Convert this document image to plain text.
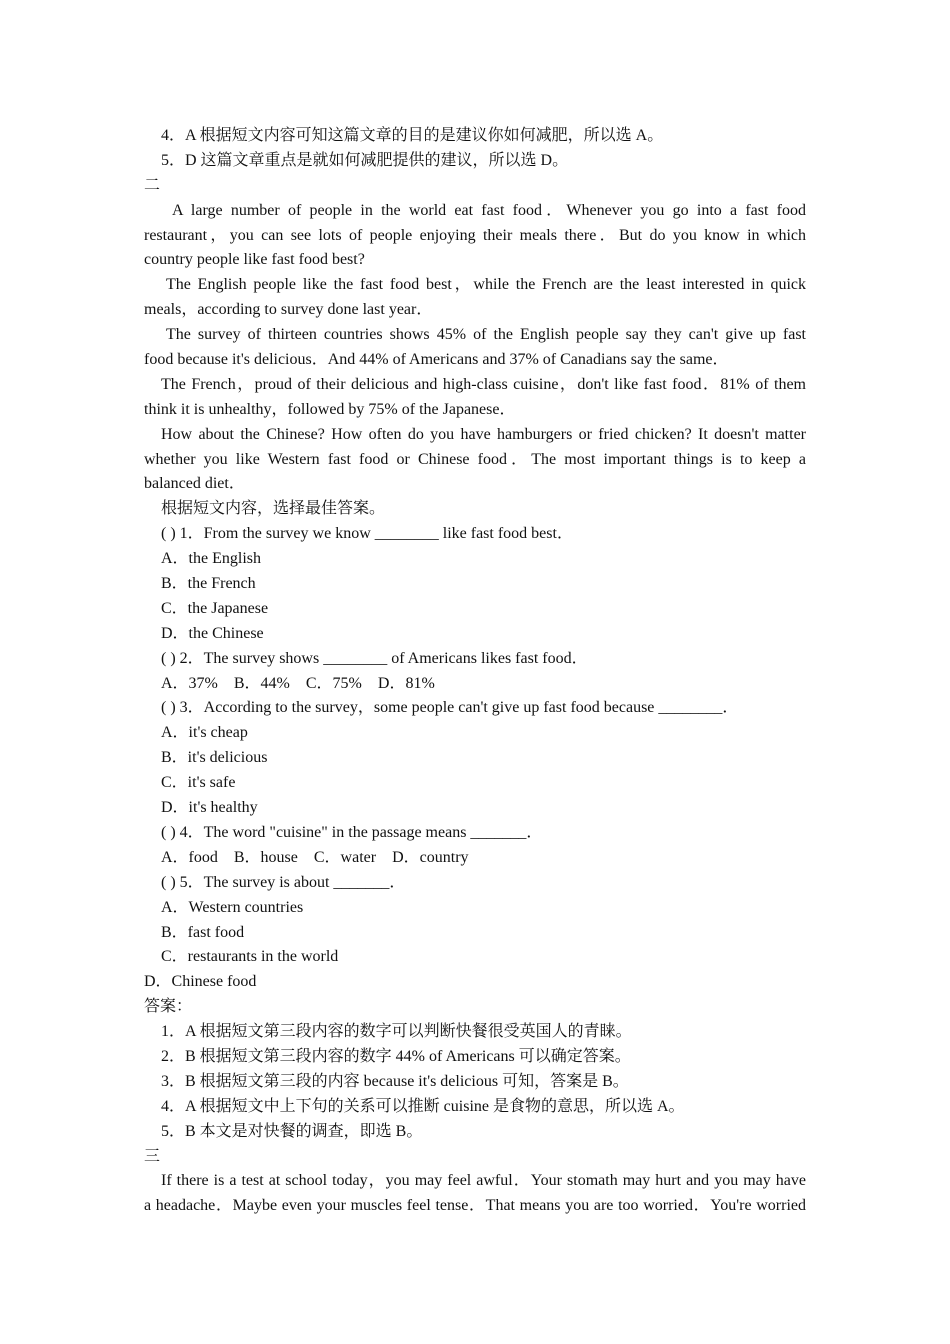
4．A 根据短文内容可知这篇文章的目的是建议你如何减肥，所以选 A。
5．D 这篇文章重点是就如何减肥提供的建议，所以选 D。
二
A large number of people in the world eat fast food．Whenever you go into a fast food
restaurant，you can see lots of people enjoying their meals there．But do you know in which
country people like fast food best?
The English people like the fast food best，while the French are the least interested in quick
meals，according to survey done last year．
The survey of thirteen countries shows 45% of the English people say they can't give up fast
food because it's delicious．And 44% of Americans and 37% of Canadians say the same．
The French，proud of their delicious and high-class cuisine，don't like fast food．81% of them
think it is unhealthy，followed by 75% of the Japanese．
How about the Chinese? How often do you have hamburgers or fried chicken? It doesn't matter
whether you like Western fast food or Chinese food．The most important things is to keep a
balanced diet．
根据短文内容，选择最佳答案。
( ) 1．From the survey we know ________ like fast food best．
A．the English
B．the French
C．the Japanese
D．the Chinese
( ) 2．The survey shows ________ of Americans likes fast food．
A．37%　B．44%　C．75%　D．81%
( ) 3．According to the survey，some people can't give up fast food because ________．
A．it's cheap
B．it's delicious
C．it's safe
D．it's healthy
( ) 4．The word "cuisine" in the passage means _______．
A．food　B．house　C．water　D．country
( ) 5．The survey is about _______．
A．Western countries
B．fast food
C．restaurants in the world
D．Chinese food
答案：
1．A 根据短文第三段内容的数字可以判断快餐很受英国人的青睐。
2．B 根据短文第三段内容的数字 44% of Americans 可以确定答案。
3．B 根据短文第三段的内容 because it's delicious 可知，答案是 B。
4．A 根据短文中上下句的关系可以推断 cuisine 是食物的意思，所以选 A。
5．B 本文是对快餐的调查，即选 B。
三
If there is a test at school today，you may feel awful．Your stomath may hurt and you may have
a headache．Maybe even your muscles feel tense．That means you are too worried．You're worried
